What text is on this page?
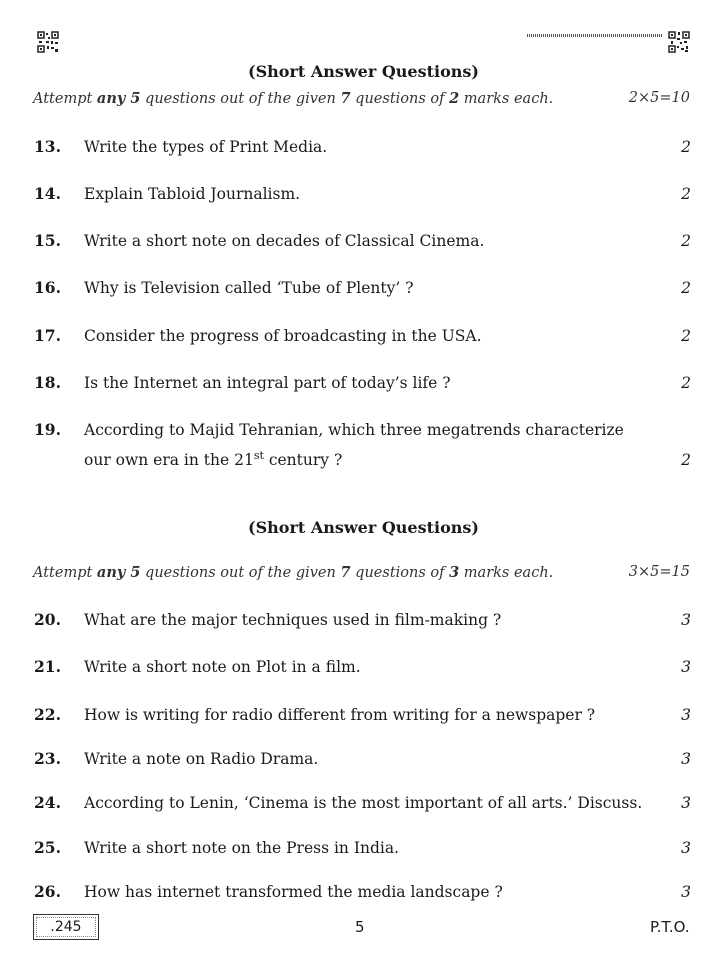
(Short Answer Questions)
Attempt any 5 questions out of the given 7 questions of 2 marks each.	2×5=10
13. Write the types of Print Media.	2
14. Explain Tabloid Journalism.	2
15. Write a short note on decades of Classical Cinema.	2
16. Why is Television called ‘Tube of Plenty’ ?	2
17. Consider the progress of broadcasting in the USA.	2
18. Is the Internet an integral part of today’s life ?	2
19. According to Majid Tehranian, which three megatrends characterize our own era in the 21st century ?	2
(Short Answer Questions)
Attempt any 5 questions out of the given 7 questions of 3 marks each.	3×5=15
20. What are the major techniques used in film-making ?	3
21. Write a short note on Plot in a film.	3
22. How is writing for radio different from writing for a newspaper ?	3
23. Write a note on Radio Drama.	3
24. According to Lenin, ‘Cinema is the most important of all arts.’ Discuss.	3
25. Write a short note on the Press in India.	3
26. How has internet transformed the media landscape ?	3
.245	5	P.T.O.
